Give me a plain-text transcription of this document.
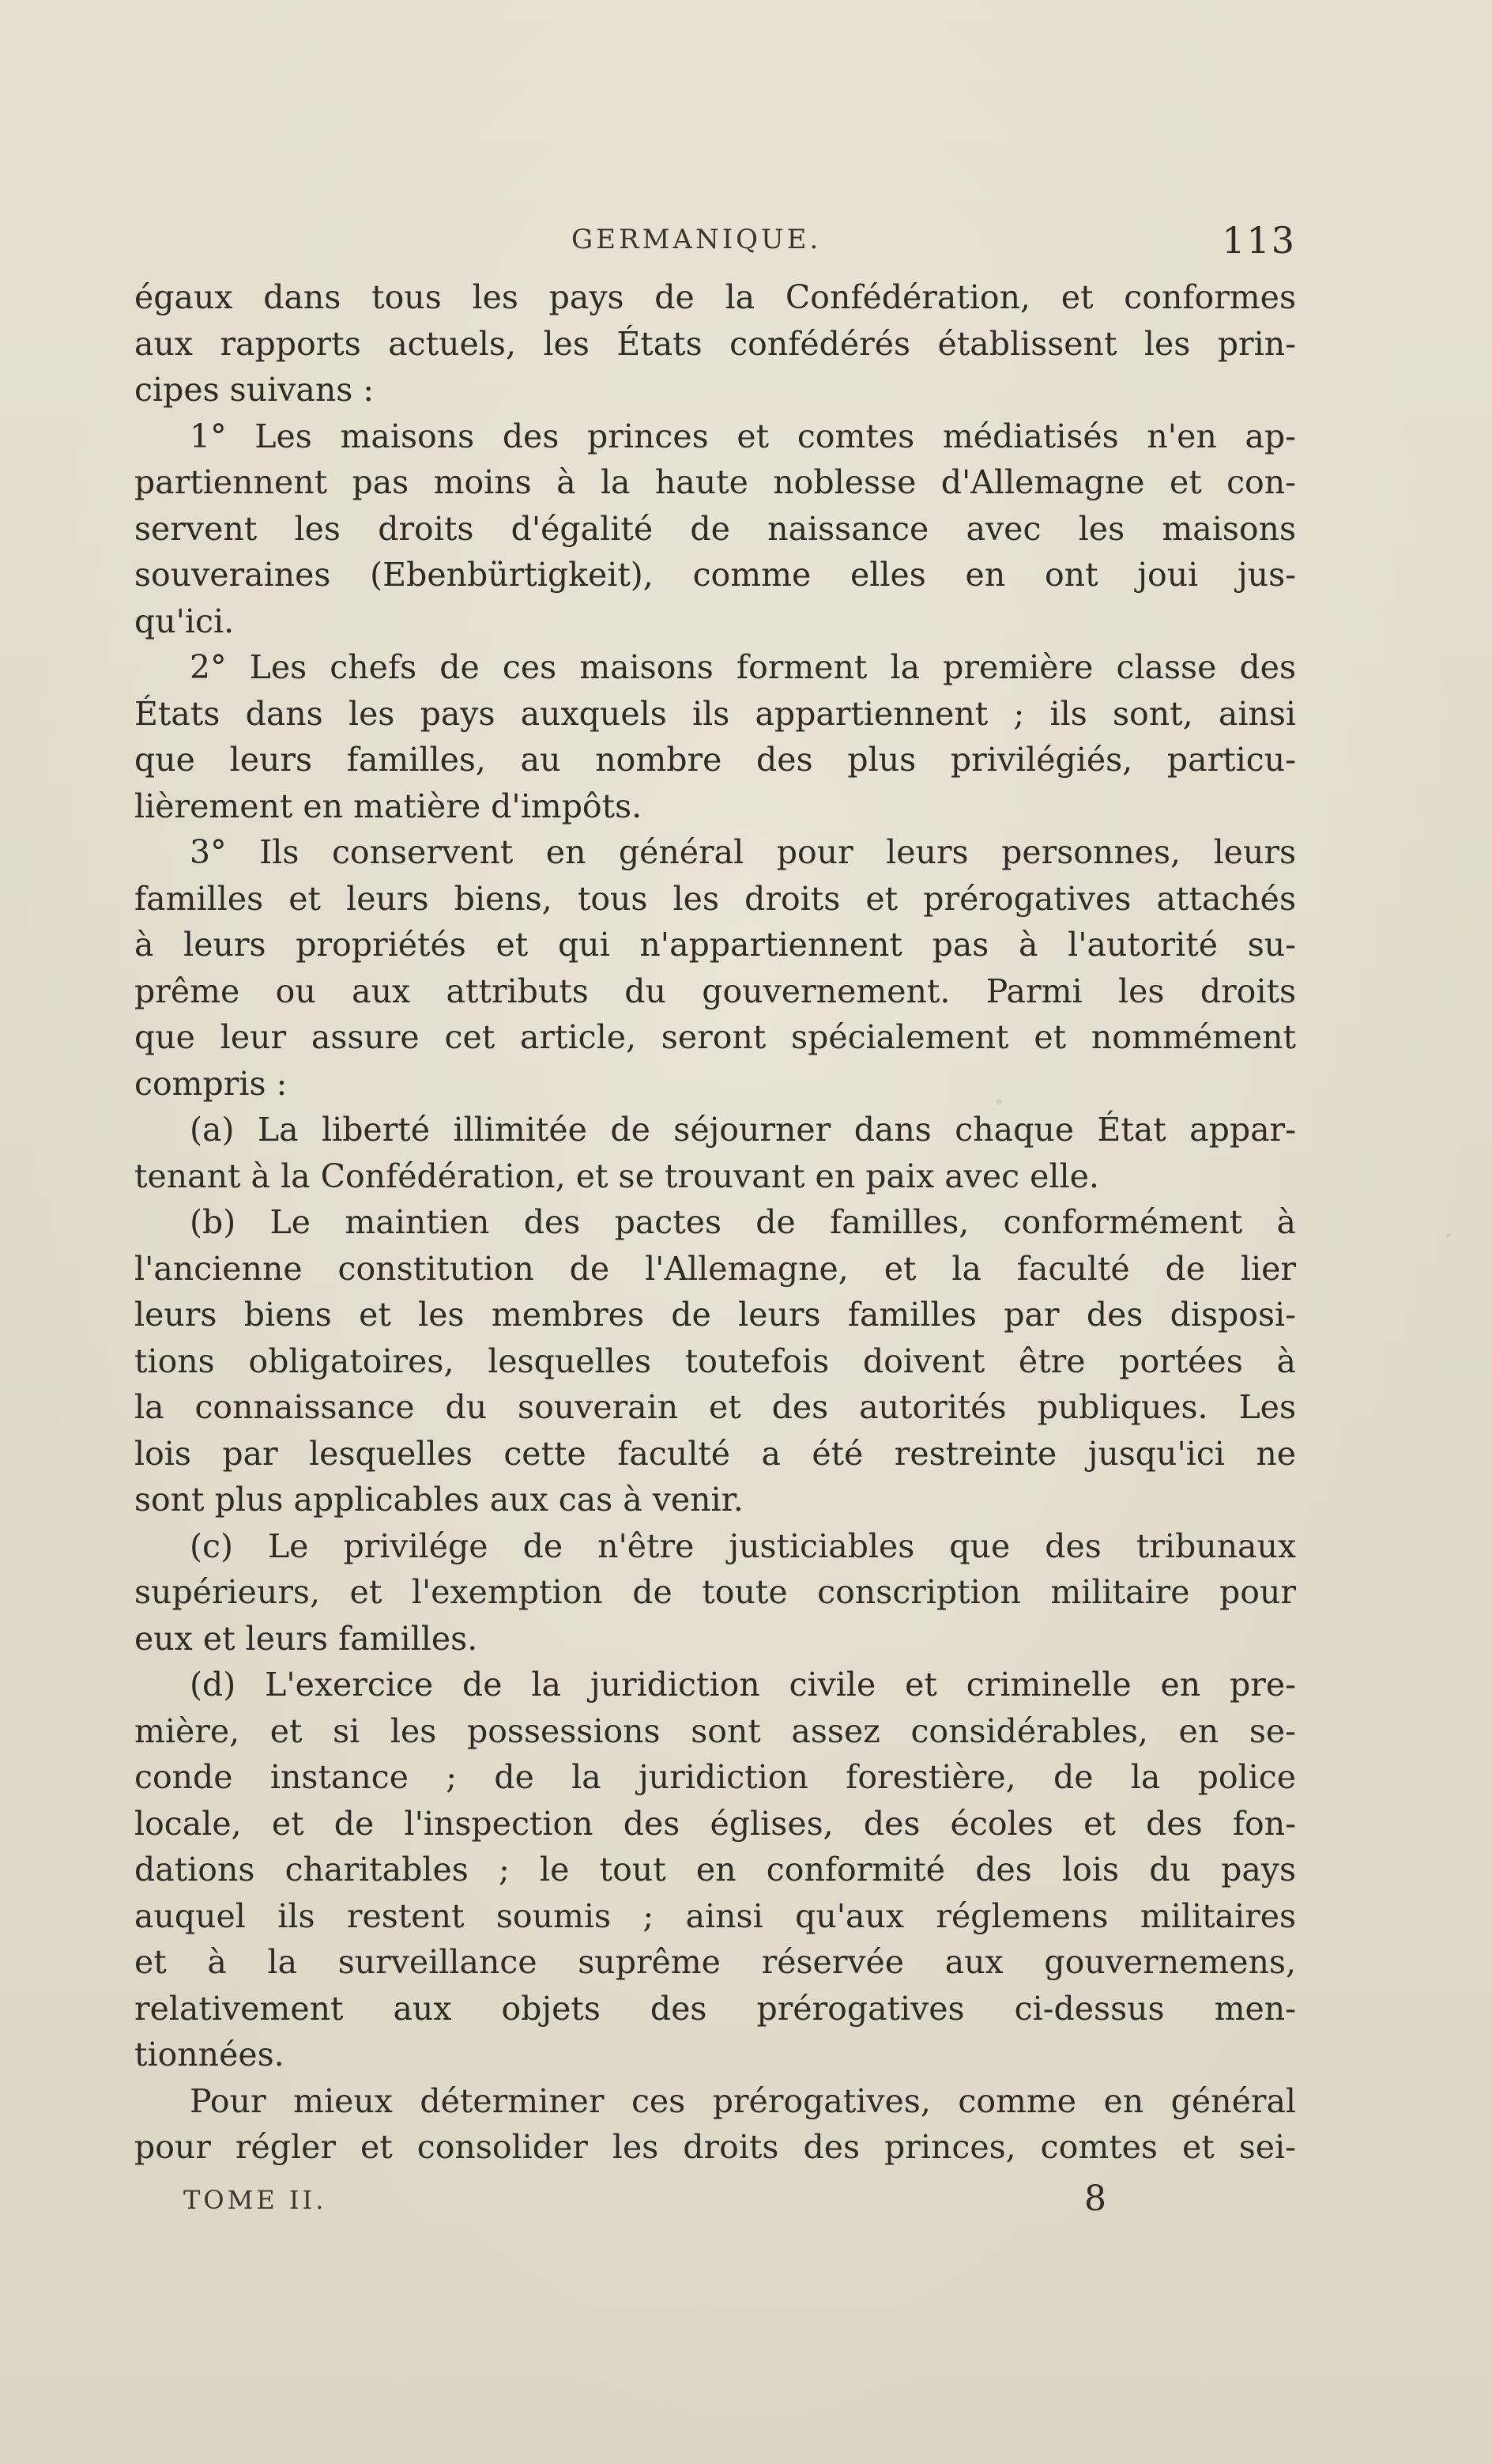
GERMANIQUE.	113
égaux dans tous les pays de la Confédération, et conformes
aux rapports actuels, les États confédérés établissent les prin-
cipes suivans :
1° Les maisons des princes et comtes médiatisés n'en ap-
partiennent pas moins à la haute noblesse d'Allemagne et con-
servent les droits d'égalité de naissance avec les maisons
souveraines (Ebenbürtigkeit), comme elles en ont joui jus-
qu'ici.
2° Les chefs de ces maisons forment la première classe des
États dans les pays auxquels ils appartiennent ; ils sont, ainsi
que leurs familles, au nombre des plus privilégiés, particu-
lièrement en matière d'impôts.
3° Ils conservent en général pour leurs personnes, leurs
familles et leurs biens, tous les droits et prérogatives attachés
à leurs propriétés et qui n'appartiennent pas à l'autorité su-
prême ou aux attributs du gouvernement. Parmi les droits
que leur assure cet article, seront spécialement et nommément
compris :
(a) La liberté illimitée de séjourner dans chaque État appar-
tenant à la Confédération, et se trouvant en paix avec elle.
(b) Le maintien des pactes de familles, conformément à
l'ancienne constitution de l'Allemagne, et la faculté de lier
leurs biens et les membres de leurs familles par des disposi-
tions obligatoires, lesquelles toutefois doivent être portées à
la connaissance du souverain et des autorités publiques. Les
lois par lesquelles cette faculté a été restreinte jusqu'ici ne
sont plus applicables aux cas à venir.
(c) Le privilége de n'être justiciables que des tribunaux
supérieurs, et l'exemption de toute conscription militaire pour
eux et leurs familles.
(d) L'exercice de la juridiction civile et criminelle en pre-
mière, et si les possessions sont assez considérables, en se-
conde instance ; de la juridiction forestière, de la police
locale, et de l'inspection des églises, des écoles et des fon-
dations charitables ; le tout en conformité des lois du pays
auquel ils restent soumis ; ainsi qu'aux réglemens militaires
et à la surveillance suprême réservée aux gouvernemens,
relativement aux objets des prérogatives ci-dessus men-
tionnées.
Pour mieux déterminer ces prérogatives, comme en général
pour régler et consolider les droits des princes, comtes et sei-
TOME II.	8
